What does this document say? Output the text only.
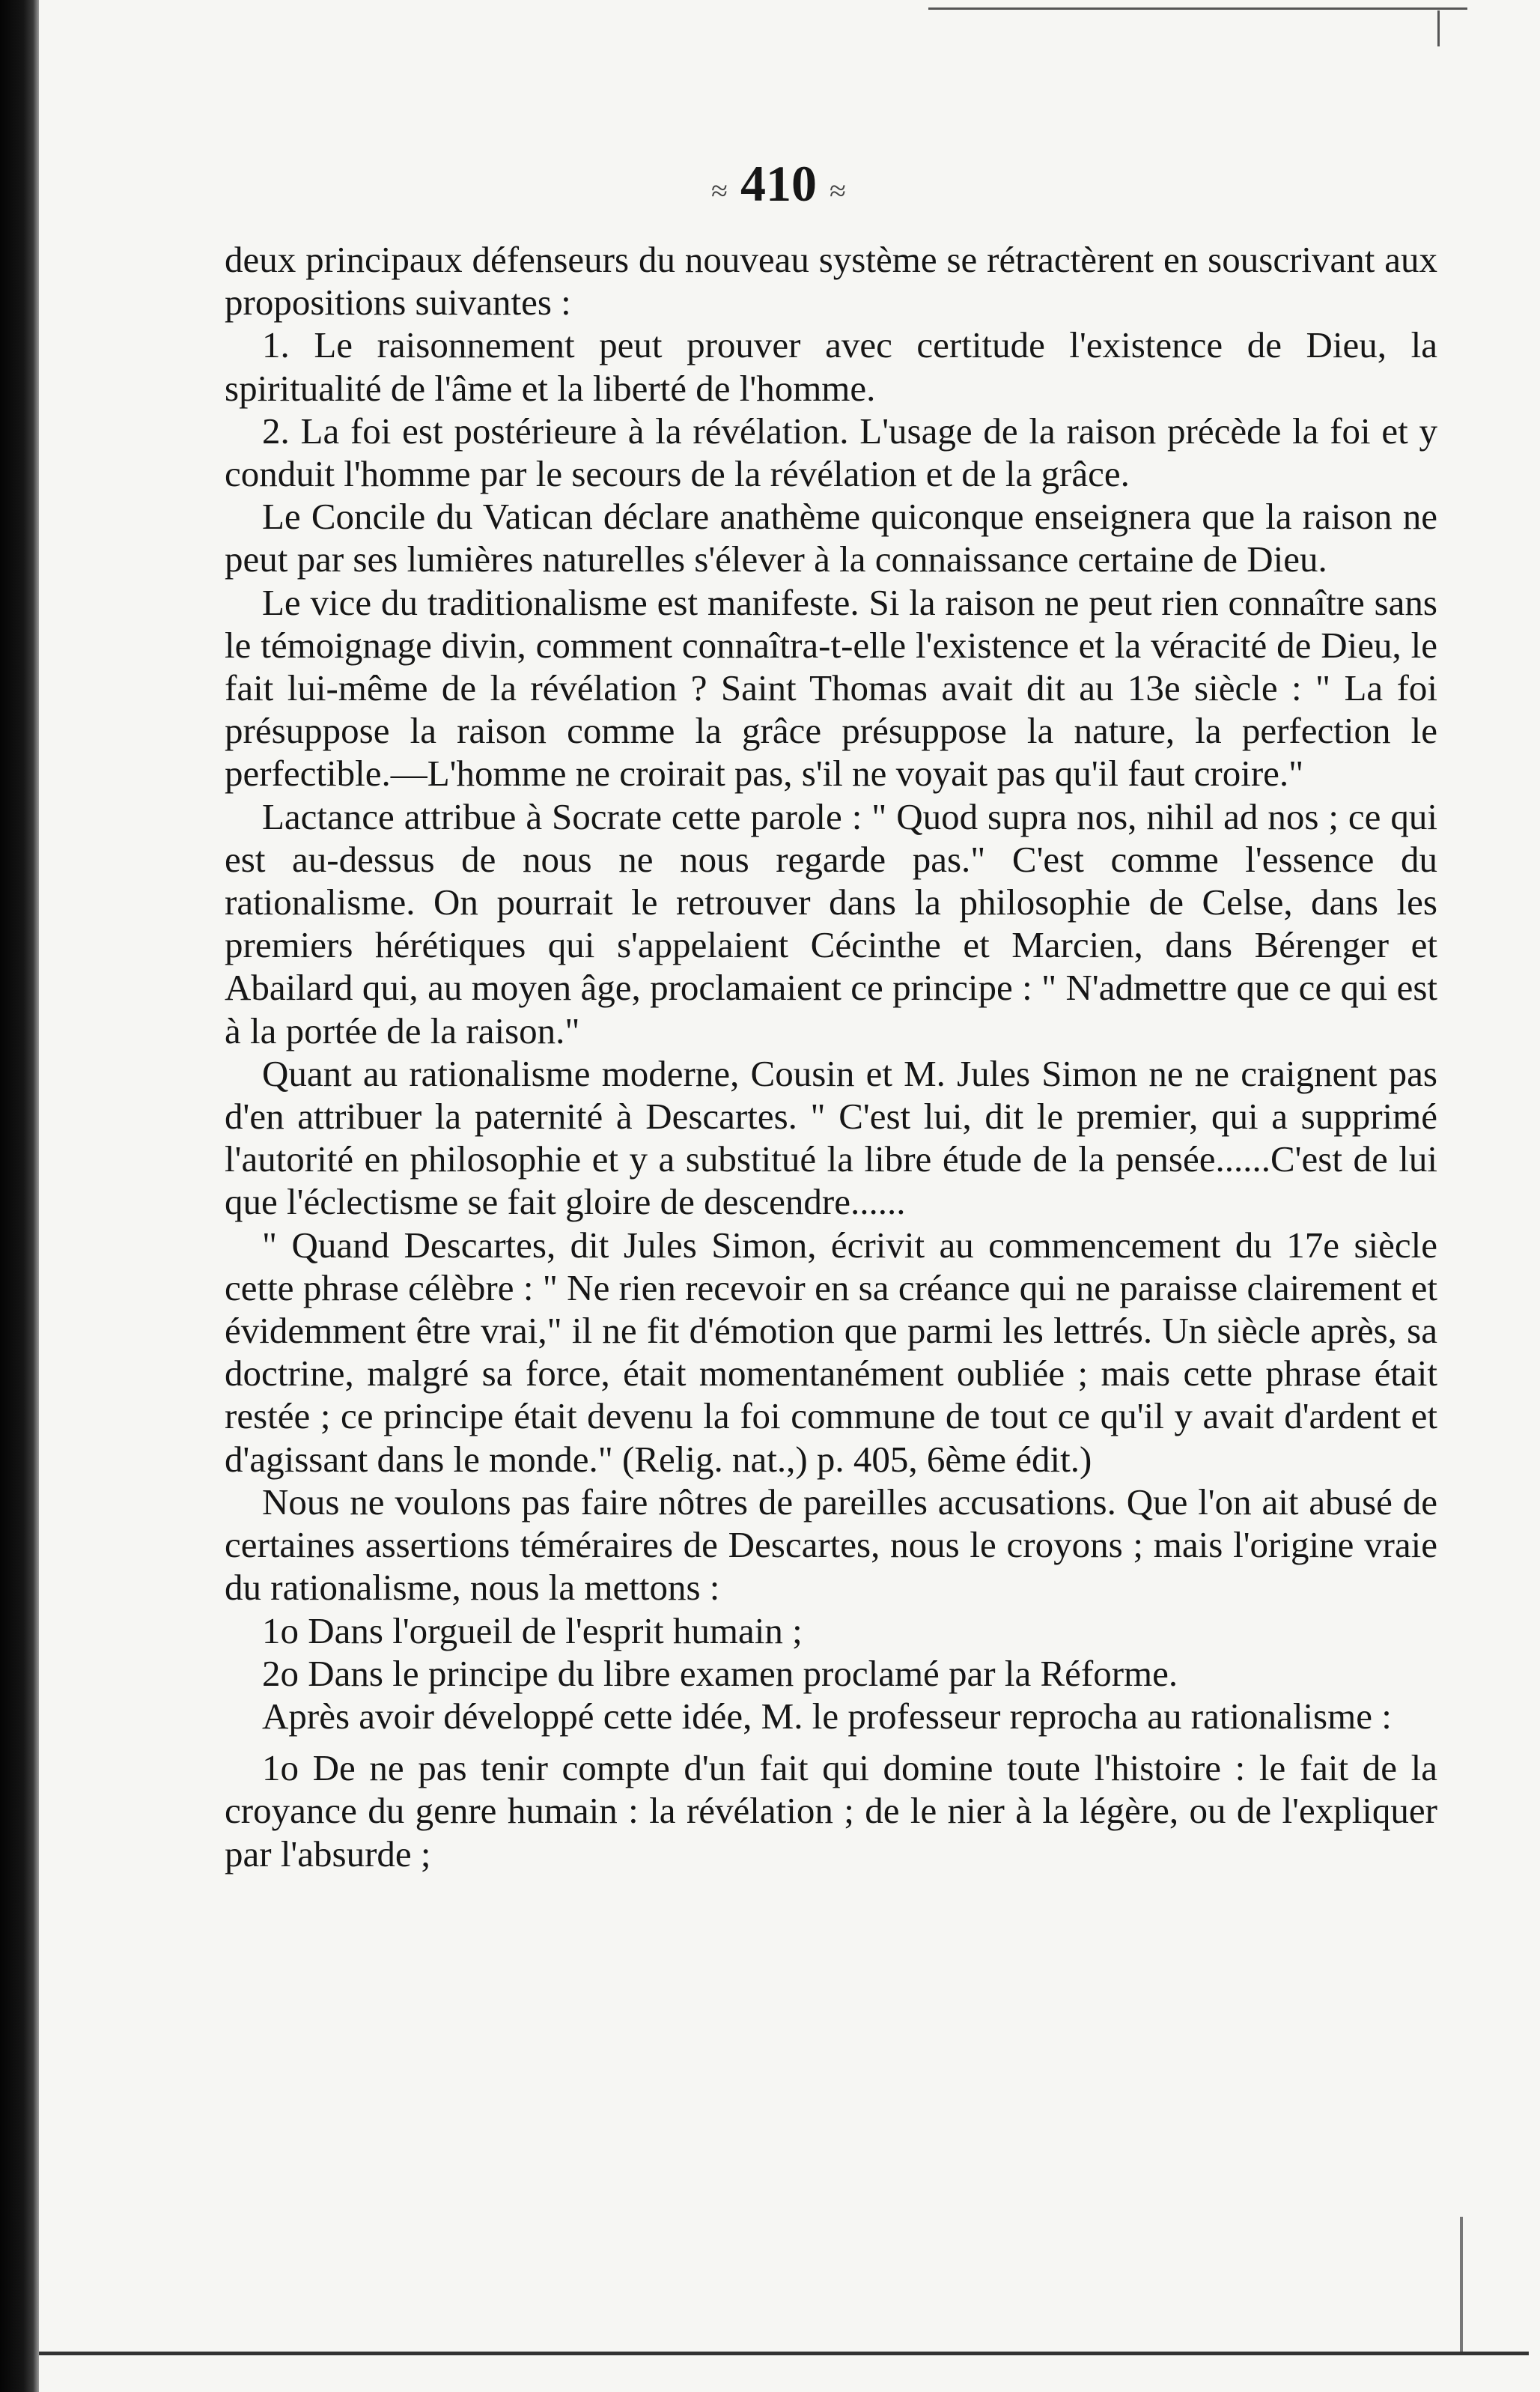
≈ 410 ≈

deux principaux défenseurs du nouveau système se rétractèrent en souscrivant aux propositions suivantes :

1. Le raisonnement peut prouver avec certitude l'existence de Dieu, la spiritualité de l'âme et la liberté de l'homme.

2. La foi est postérieure à la révélation. L'usage de la raison précède la foi et y conduit l'homme par le secours de la révélation et de la grâce.

Le Concile du Vatican déclare anathème quiconque enseignera que la raison ne peut par ses lumières naturelles s'élever à la connaissance certaine de Dieu.

Le vice du traditionalisme est manifeste. Si la raison ne peut rien connaître sans le témoignage divin, comment connaîtra-t-elle l'existence et la véracité de Dieu, le fait lui-même de la révélation ? Saint Thomas avait dit au 13e siècle : " La foi présuppose la raison comme la grâce présuppose la nature, la perfection le perfectible.—L'homme ne croirait pas, s'il ne voyait pas qu'il faut croire."

Lactance attribue à Socrate cette parole : " Quod supra nos, nihil ad nos ; ce qui est au-dessus de nous ne nous regarde pas." C'est comme l'essence du rationalisme. On pourrait le retrouver dans la philosophie de Celse, dans les premiers hérétiques qui s'appelaient Cécinthe et Marcien, dans Bérenger et Abailard qui, au moyen âge, proclamaient ce principe : " N'admettre que ce qui est à la portée de la raison."

Quant au rationalisme moderne, Cousin et M. Jules Simon ne ne craignent pas d'en attribuer la paternité à Descartes. " C'est lui, dit le premier, qui a supprimé l'autorité en philosophie et y a substitué la libre étude de la pensée......C'est de lui que l'éclectisme se fait gloire de descendre......

" Quand Descartes, dit Jules Simon, écrivit au commencement du 17e siècle cette phrase célèbre : " Ne rien recevoir en sa créance qui ne paraisse clairement et évidemment être vrai," il ne fit d'émotion que parmi les lettrés. Un siècle après, sa doctrine, malgré sa force, était momentanément oubliée ; mais cette phrase était restée ; ce principe était devenu la foi commune de tout ce qu'il y avait d'ardent et d'agissant dans le monde." (Relig. nat.,) p. 405, 6ème édit.)

Nous ne voulons pas faire nôtres de pareilles accusations. Que l'on ait abusé de certaines assertions téméraires de Descartes, nous le croyons ; mais l'origine vraie du rationalisme, nous la mettons :

1o Dans l'orgueil de l'esprit humain ;

2o Dans le principe du libre examen proclamé par la Réforme.

Après avoir développé cette idée, M. le professeur reprocha au rationalisme :

1o De ne pas tenir compte d'un fait qui domine toute l'histoire : le fait de la croyance du genre humain : la révélation ; de le nier à la légère, ou de l'expliquer par l'absurde ;
